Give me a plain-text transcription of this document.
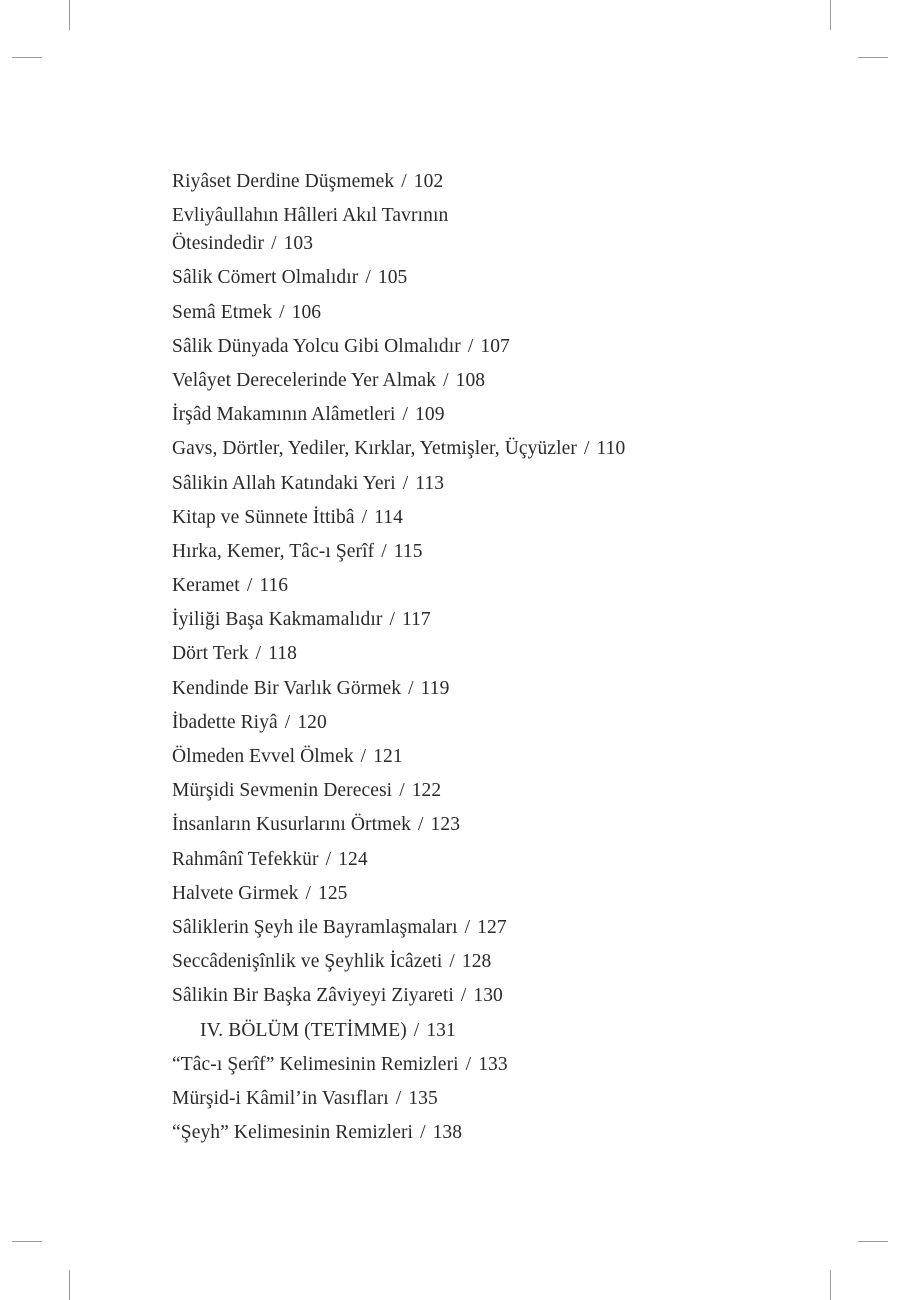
Riyâset Derdine Düşmemek / 102
Evliyâullahın Hâlleri Akıl Tavrının Ötesindedir / 103
Sâlik Cömert Olmalıdır / 105
Semâ Etmek / 106
Sâlik Dünyada Yolcu Gibi Olmalıdır / 107
Velâyet Derecelerinde Yer Almak / 108
İrşâd Makamının Alâmetleri / 109
Gavs, Dörtler, Yediler, Kırklar, Yetmişler, Üçyüzler / 110
Sâlikin Allah Katındaki Yeri / 113
Kitap ve Sünnete İttibâ / 114
Hırka, Kemer, Tâc-ı Şerîf / 115
Keramet / 116
İyiliği Başa Kakmamalıdır / 117
Dört Terk / 118
Kendinde Bir Varlık Görmek / 119
İbadette Riyâ / 120
Ölmeden Evvel Ölmek / 121
Mürşidi Sevmenin Derecesi / 122
İnsanların Kusurlarını Örtmek / 123
Rahmânî Tefekkür / 124
Halvete Girmek / 125
Sâliklerin Şeyh ile Bayramlaşmaları / 127
Seccâdenişînlik ve Şeyhlik İcâzeti / 128
Sâlikin Bir Başka Zâviyeyi Ziyareti / 130
IV. BÖLÜM (TETİMME) / 131
“Tâc-ı Şerîf” Kelimesinin Remizleri / 133
Mürşid-i Kâmil’in Vasıfları / 135
“Şeyh” Kelimesinin Remizleri / 138
